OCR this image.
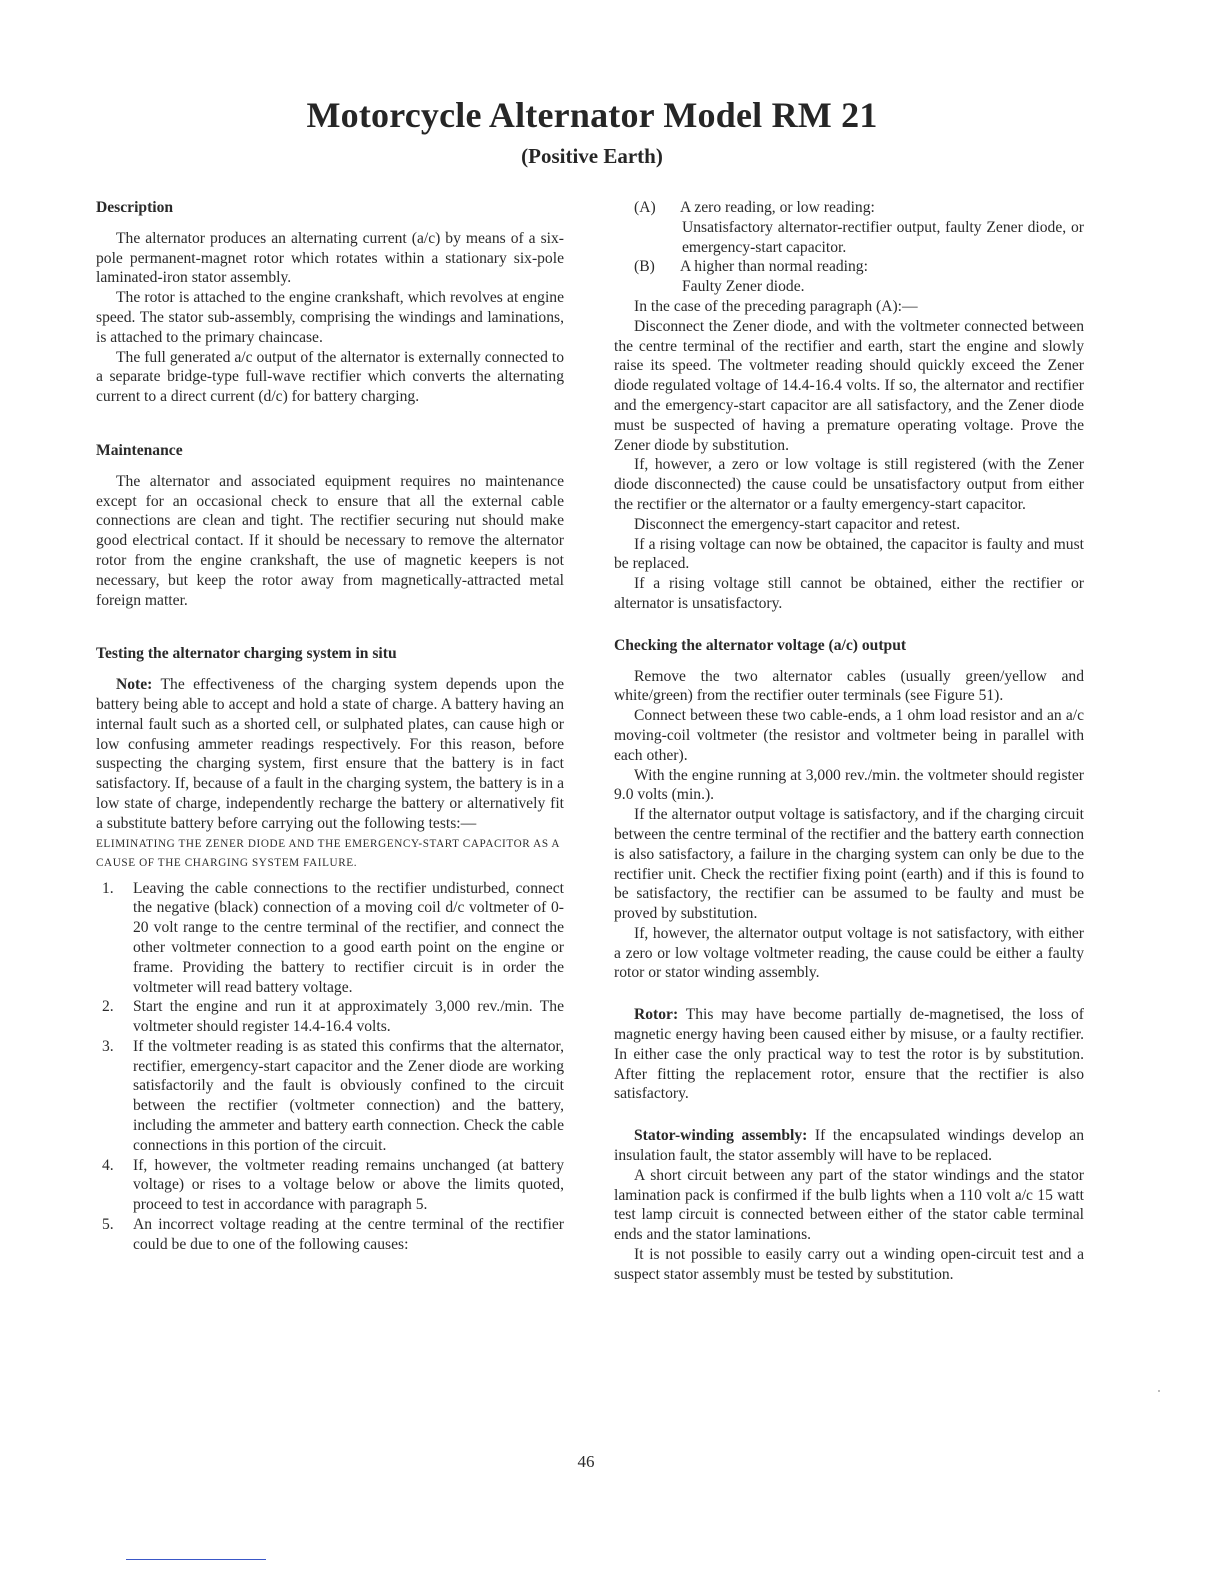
Motorcycle Alternator Model RM 21
(Positive Earth)
Description

The alternator produces an alternating current (a/c) by means of a six-pole permanent-magnet rotor which rotates within a stationary six-pole laminated-iron stator assembly.

The rotor is attached to the engine crankshaft, which revolves at engine speed. The stator sub-assembly, comprising the windings and laminations, is attached to the primary chaincase.

The full generated a/c output of the alternator is externally connected to a separate bridge-type full-wave rectifier which converts the alternating current to a direct current (d/c) for battery charging.

Maintenance

The alternator and associated equipment requires no maintenance except for an occasional check to ensure that all the external cable connections are clean and tight. The rectifier securing nut should make good electrical contact. If it should be necessary to remove the alternator rotor from the engine crankshaft, the use of magnetic keepers is not necessary, but keep the rotor away from magnetically-attracted metal foreign matter.

Testing the alternator charging system in situ

Note: The effectiveness of the charging system depends upon the battery being able to accept and hold a state of charge. A battery having an internal fault such as a shorted cell, or sulphated plates, can cause high or low confusing ammeter readings respectively. For this reason, before suspecting the charging system, first ensure that the battery is in fact satisfactory. If, because of a fault in the charging system, the battery is in a low state of charge, independently recharge the battery or alternatively fit a substitute battery before carrying out the following tests:—

ELIMINATING THE ZENER DIODE AND THE EMERGENCY-START CAPACITOR AS A CAUSE OF THE CHARGING SYSTEM FAILURE.
1.	Leaving the cable connections to the rectifier undisturbed, connect the negative (black) connection of a moving coil d/c voltmeter of 0-20 volt range to the centre terminal of the rectifier, and connect the other voltmeter connection to a good earth point on the engine or frame. Providing the battery to rectifier circuit is in order the voltmeter will read battery voltage.
2.	Start the engine and run it at approximately 3,000 rev./min. The voltmeter should register 14.4-16.4 volts.
3.	If the voltmeter reading is as stated this confirms that the alternator, rectifier, emergency-start capacitor and the Zener diode are working satisfactorily and the fault is obviously confined to the circuit between the rectifier (voltmeter connection) and the battery, including the ammeter and battery earth connection. Check the cable connections in this portion of the circuit.
4.	If, however, the voltmeter reading remains unchanged (at battery voltage) or rises to a voltage below or above the limits quoted, proceed to test in accordance with paragraph 5.
5.	An incorrect voltage reading at the centre terminal of the rectifier could be due to one of the following causes:
(A)	A zero reading, or low reading:
Unsatisfactory alternator-rectifier output, faulty Zener diode, or emergency-start capacitor.
(B)	A higher than normal reading:
Faulty Zener diode.

In the case of the preceding paragraph (A):—

Disconnect the Zener diode, and with the voltmeter connected between the centre terminal of the rectifier and earth, start the engine and slowly raise its speed. The voltmeter reading should quickly exceed the Zener diode regulated voltage of 14.4-16.4 volts. If so, the alternator and rectifier and the emergency-start capacitor are all satisfactory, and the Zener diode must be suspected of having a premature operating voltage. Prove the Zener diode by substitution.

If, however, a zero or low voltage is still registered (with the Zener diode disconnected) the cause could be unsatisfactory output from either the rectifier or the alternator or a faulty emergency-start capacitor.

Disconnect the emergency-start capacitor and retest.

If a rising voltage can now be obtained, the capacitor is faulty and must be replaced.

If a rising voltage still cannot be obtained, either the rectifier or alternator is unsatisfactory.

Checking the alternator voltage (a/c) output

Remove the two alternator cables (usually green/yellow and white/green) from the rectifier outer terminals (see Figure 51).

Connect between these two cable-ends, a 1 ohm load resistor and an a/c moving-coil voltmeter (the resistor and voltmeter being in parallel with each other).

With the engine running at 3,000 rev./min. the voltmeter should register 9.0 volts (min.).

If the alternator output voltage is satisfactory, and if the charging circuit between the centre terminal of the rectifier and the battery earth connection is also satisfactory, a failure in the charging system can only be due to the rectifier unit. Check the rectifier fixing point (earth) and if this is found to be satisfactory, the rectifier can be assumed to be faulty and must be proved by substitution.

If, however, the alternator output voltage is not satisfactory, with either a zero or low voltage voltmeter reading, the cause could be either a faulty rotor or stator winding assembly.

Rotor: This may have become partially de-magnetised, the loss of magnetic energy having been caused either by misuse, or a faulty rectifier. In either case the only practical way to test the rotor is by substitution. After fitting the replacement rotor, ensure that the rectifier is also satisfactory.

Stator-winding assembly: If the encapsulated windings develop an insulation fault, the stator assembly will have to be replaced.

A short circuit between any part of the stator windings and the stator lamination pack is confirmed if the bulb lights when a 110 volt a/c 15 watt test lamp circuit is connected between either of the stator cable terminal ends and the stator laminations.

It is not possible to easily carry out a winding open-circuit test and a suspect stator assembly must be tested by substitution.

46
